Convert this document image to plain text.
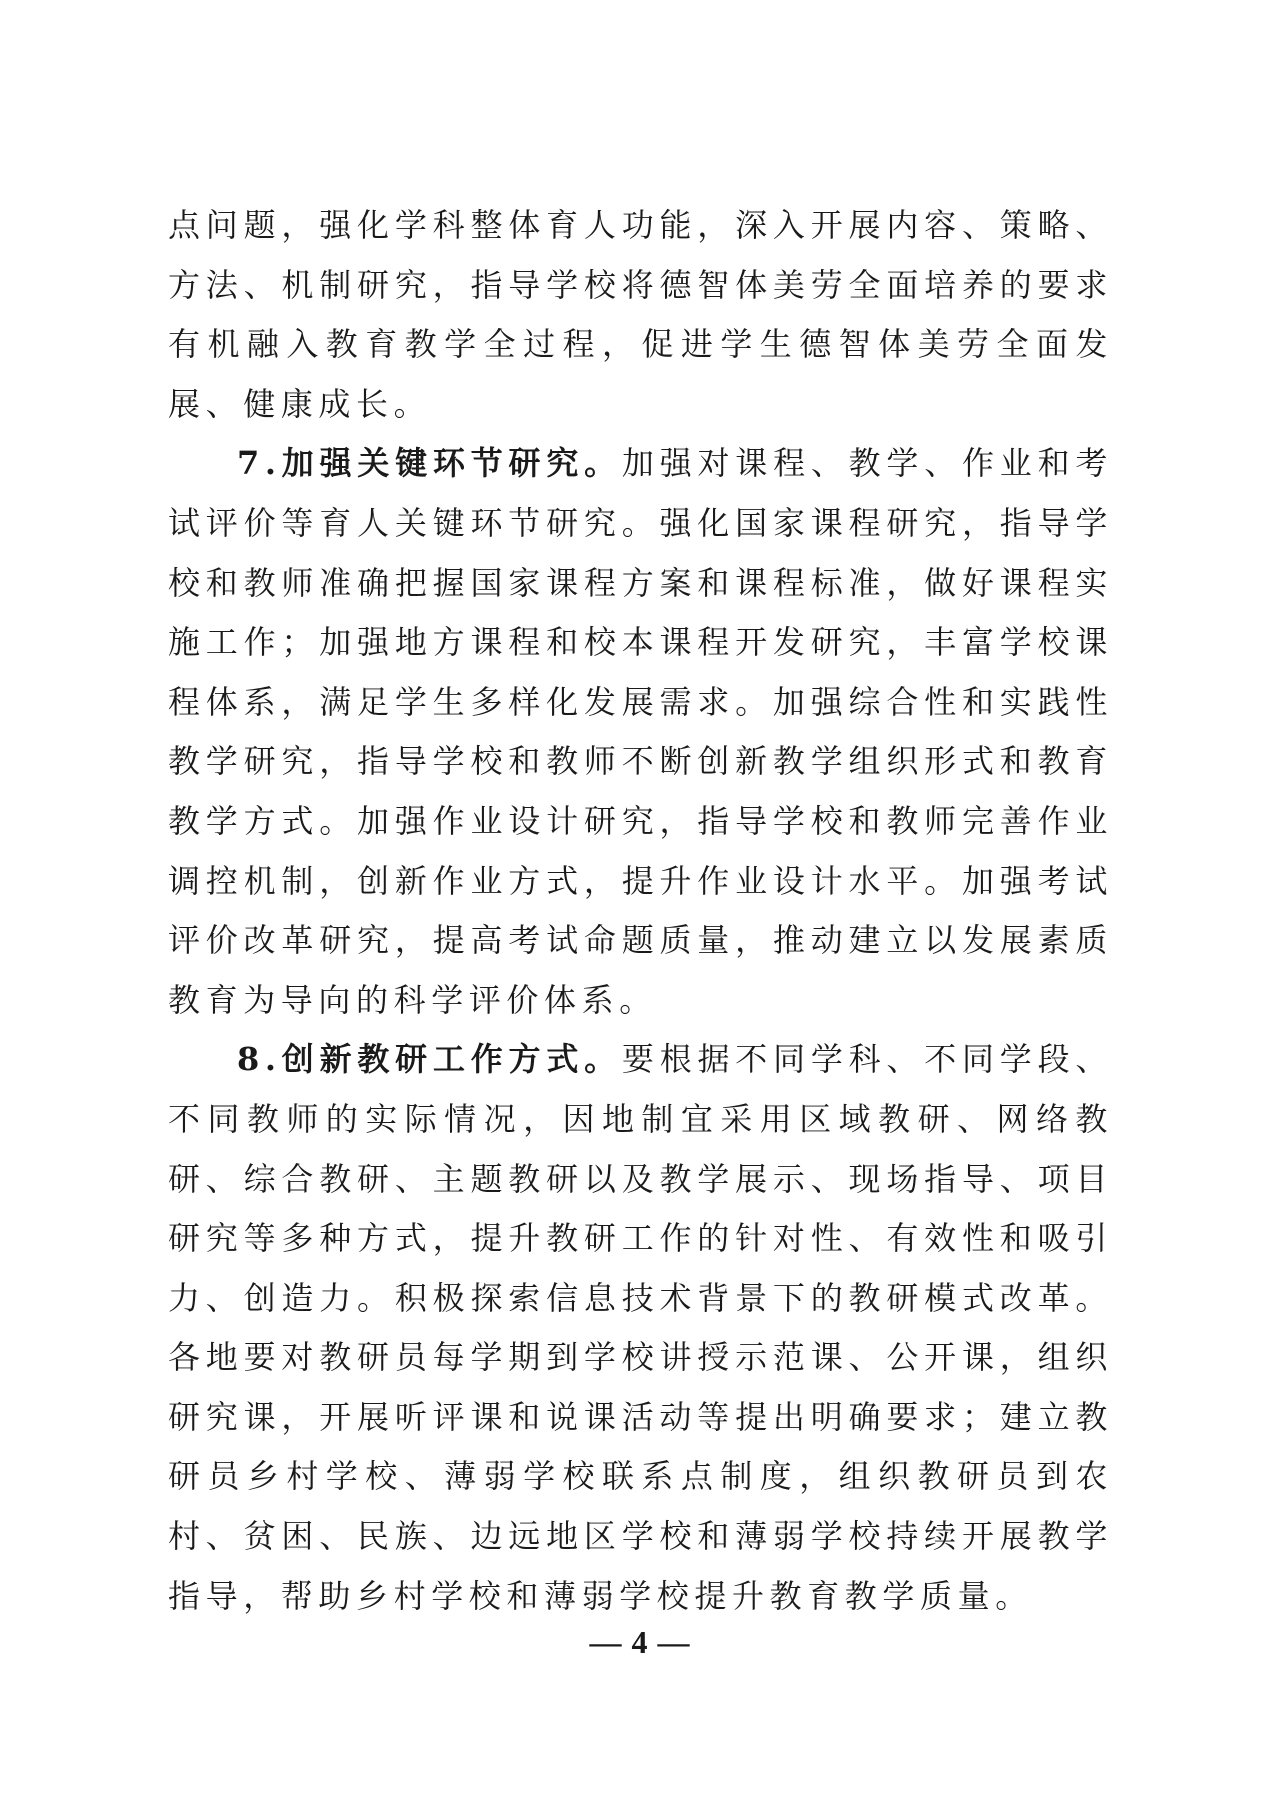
点问题，强化学科整体育人功能，深入开展内容、策略、方法、机制研究，指导学校将德智体美劳全面培养的要求有机融入教育教学全过程，促进学生德智体美劳全面发展、健康成长。

7.加强关键环节研究。加强对课程、教学、作业和考试评价等育人关键环节研究。强化国家课程研究，指导学校和教师准确把握国家课程方案和课程标准，做好课程实施工作；加强地方课程和校本课程开发研究，丰富学校课程体系，满足学生多样化发展需求。加强综合性和实践性教学研究，指导学校和教师不断创新教学组织形式和教育教学方式。加强作业设计研究，指导学校和教师完善作业调控机制，创新作业方式，提升作业设计水平。加强考试评价改革研究，提高考试命题质量，推动建立以发展素质教育为导向的科学评价体系。

8.创新教研工作方式。要根据不同学科、不同学段、不同教师的实际情况，因地制宜采用区域教研、网络教研、综合教研、主题教研以及教学展示、现场指导、项目研究等多种方式，提升教研工作的针对性、有效性和吸引力、创造力。积极探索信息技术背景下的教研模式改革。各地要对教研员每学期到学校讲授示范课、公开课，组织研究课，开展听评课和说课活动等提出明确要求；建立教研员乡村学校、薄弱学校联系点制度，组织教研员到农村、贫困、民族、边远地区学校和薄弱学校持续开展教学指导，帮助乡村学校和薄弱学校提升教育教学质量。

— 4 —
